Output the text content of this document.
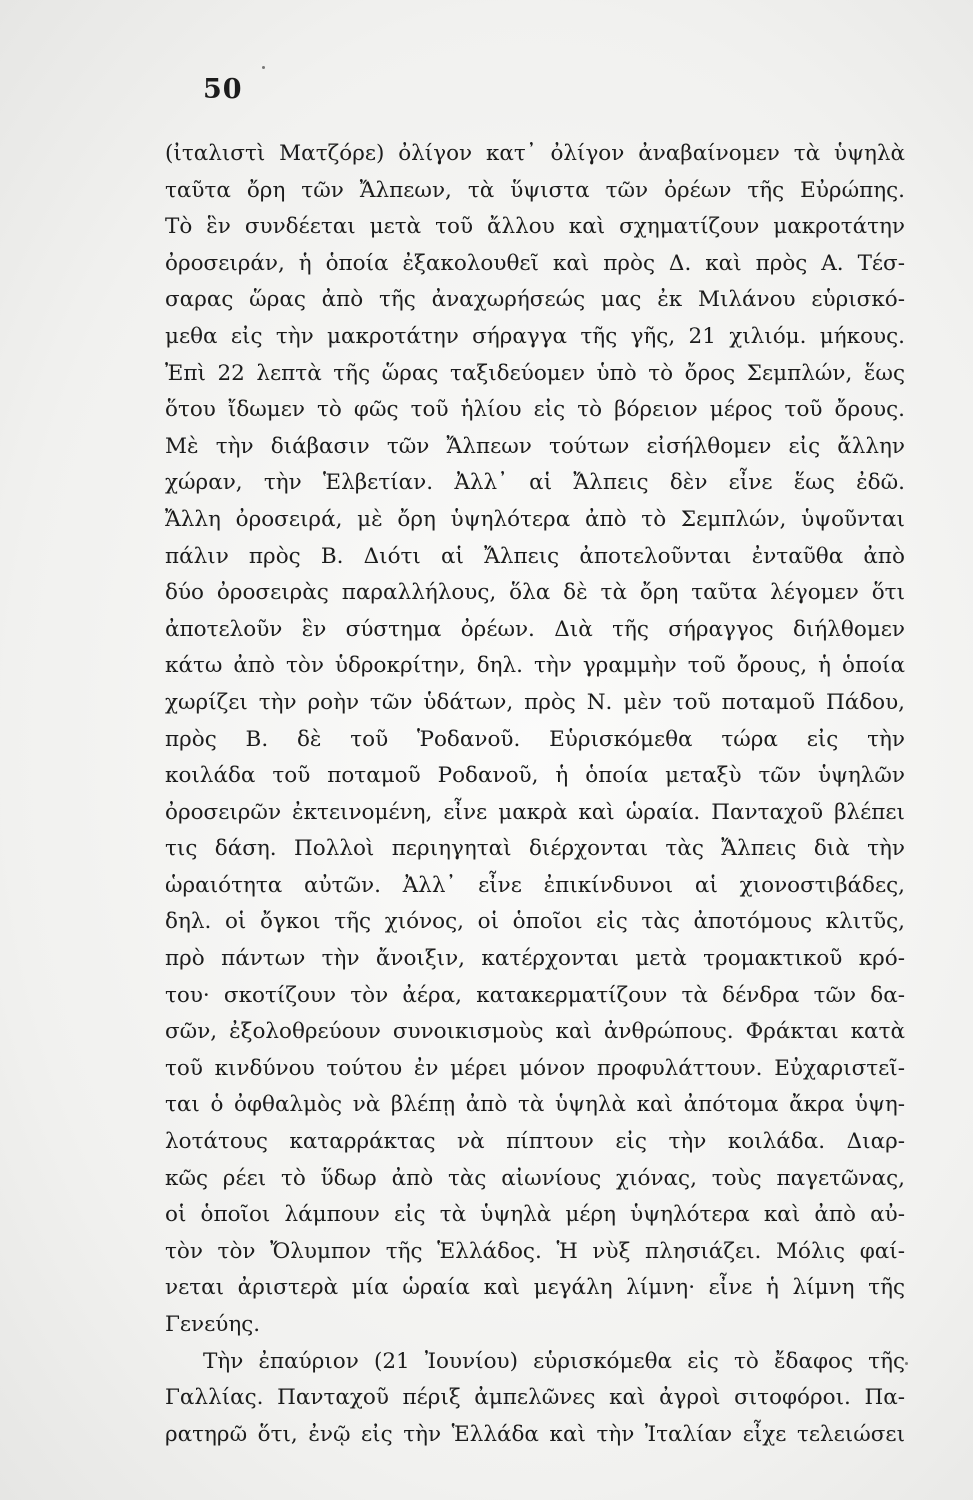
50
(ἰταλιστὶ Ματζόρε) ὀλίγον κατ᾽ ὀλίγον ἀναβαίνομεν τὰ ὑψηλὰ
ταῦτα ὄρη τῶν Ἄλπεων, τὰ ὕψιστα τῶν ὀρέων τῆς Εὐρώπης.
Τὸ ἓν συνδέεται μετὰ τοῦ ἄλλου καὶ σχηματίζουν μακροτάτην
ὀροσειράν, ἡ ὁποία ἐξακολουθεῖ καὶ πρὸς Δ. καὶ πρὸς Α. Τέσ-
σαρας ὥρας ἀπὸ τῆς ἀναχωρήσεώς μας ἐκ Μιλάνου εὑρισκό-
μεθα εἰς τὴν μακροτάτην σήραγγα τῆς γῆς, 21 χιλιόμ. μήκους.
Ἐπὶ 22 λεπτὰ τῆς ὥρας ταξιδεύομεν ὑπὸ τὸ ὄρος Σεμπλών, ἕως
ὅτου ἴδωμεν τὸ φῶς τοῦ ἡλίου εἰς τὸ βόρειον μέρος τοῦ ὄρους.
Μὲ τὴν διάβασιν τῶν Ἄλπεων τούτων εἰσήλθομεν εἰς ἄλλην
χώραν, τὴν Ἑλβετίαν. Ἀλλ᾽ αἱ Ἄλπεις δὲν εἶνε ἕως ἐδῶ.
Ἄλλη ὀροσειρά, μὲ ὄρη ὑψηλότερα ἀπὸ τὸ Σεμπλών, ὑψοῦνται
πάλιν πρὸς Β. Διότι αἱ Ἄλπεις ἀποτελοῦνται ἐνταῦθα ἀπὸ
δύο ὀροσειρὰς παραλλήλους, ὅλα δὲ τὰ ὄρη ταῦτα λέγομεν ὅτι
ἀποτελοῦν ἓν σύστημα ὀρέων. Διὰ τῆς σήραγγος διήλθομεν
κάτω ἀπὸ τὸν ὑδροκρίτην, δηλ. τὴν γραμμὴν τοῦ ὄρους, ἡ ὁποία
χωρίζει τὴν ροὴν τῶν ὑδάτων, πρὸς Ν. μὲν τοῦ ποταμοῦ Πάδου,
πρὸς Β. δὲ τοῦ Ῥοδανοῦ. Εὑρισκόμεθα τώρα εἰς τὴν
κοιλάδα τοῦ ποταμοῦ Ροδανοῦ, ἡ ὁποία μεταξὺ τῶν ὑψηλῶν
ὀροσειρῶν ἐκτεινομένη, εἶνε μακρὰ καὶ ὡραία. Πανταχοῦ βλέπει
τις δάση. Πολλοὶ περιηγηταὶ διέρχονται τὰς Ἄλπεις διὰ τὴν
ὡραιότητα αὐτῶν. Ἀλλ᾽ εἶνε ἐπικίνδυνοι αἱ χιονοστιβάδες,
δηλ. οἱ ὄγκοι τῆς χιόνος, οἱ ὁποῖοι εἰς τὰς ἀποτόμους κλιτῦς,
πρὸ πάντων τὴν ἄνοιξιν, κατέρχονται μετὰ τρομακτικοῦ κρό-
του· σκοτίζουν τὸν ἀέρα, κατακερματίζουν τὰ δένδρα τῶν δα-
σῶν, ἐξολοθρεύουν συνοικισμοὺς καὶ ἀνθρώπους. Φράκται κατὰ
τοῦ κινδύνου τούτου ἐν μέρει μόνον προφυλάττουν. Εὐχαριστεῖ-
ται ὁ ὀφθαλμὸς νὰ βλέπῃ ἀπὸ τὰ ὑψηλὰ καὶ ἀπότομα ἄκρα ὑψη-
λοτάτους καταρράκτας νὰ πίπτουν εἰς τὴν κοιλάδα. Διαρ-
κῶς ρέει τὸ ὕδωρ ἀπὸ τὰς αἰωνίους χιόνας, τοὺς παγετῶνας,
οἱ ὁποῖοι λάμπουν εἰς τὰ ὑψηλὰ μέρη ὑψηλότερα καὶ ἀπὸ αὐ-
τὸν τὸν Ὄλυμπον τῆς Ἑλλάδος. Ἡ νὺξ πλησιάζει. Μόλις φαί-
νεται ἀριστερὰ μία ὡραία καὶ μεγάλη λίμνη· εἶνε ἡ λίμνη τῆς
Γενεύης.
Τὴν ἐπαύριον (21 Ἰουνίου) εὑρισκόμεθα εἰς τὸ ἔδαφος τῆς
Γαλλίας. Πανταχοῦ πέριξ ἀμπελῶνες καὶ ἀγροὶ σιτοφόροι. Πα-
ρατηρῶ ὅτι, ἐνῷ εἰς τὴν Ἑλλάδα καὶ τὴν Ἰταλίαν εἶχε τελειώσει
